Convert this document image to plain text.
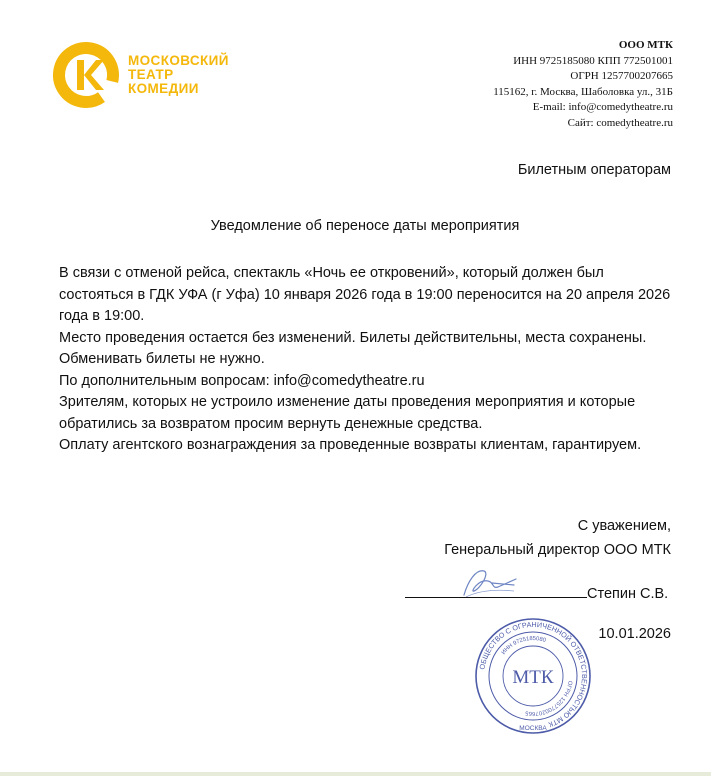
МОСКОВСКИЙ
ТЕАТР
КОМЕДИИ
ООО МТК
ИНН 9725185080 КПП 772501001
ОГРН 1257700207665
115162, г. Москва, Шаболовка ул., 31Б
E-mail: info@comedytheatre.ru
Сайт: comedytheatre.ru
Билетным операторам
Уведомление об переносе даты мероприятия

В связи с отменой рейса, спектакль «Ночь ее откровений», который должен был состояться в ГДК УФА (г Уфа) 10 января 2026 года в 19:00 переносится на 20 апреля 2026 года в 19:00.

Место проведения остается без изменений. Билеты действительны, места сохранены. Обменивать билеты не нужно.

По дополнительным вопросам: info@comedytheatre.ru

Зрителям, которых не устроило изменение даты проведения мероприятия и которые обратились за возвратом просим вернуть денежные средства.

Оплату агентского вознаграждения за проведенные возвраты клиентам, гарантируем.

С уважением,
Генеральный директор ООО МТК
Степин С.В.
ОБЩЕСТВО С ОГРАНИЧЕННОЙ ОТВЕТСТВЕННОСТЬЮ МТК
ОГРН 1257700207665
ИНН 9725185080
МТК
МОСКВА
10.01.2026
